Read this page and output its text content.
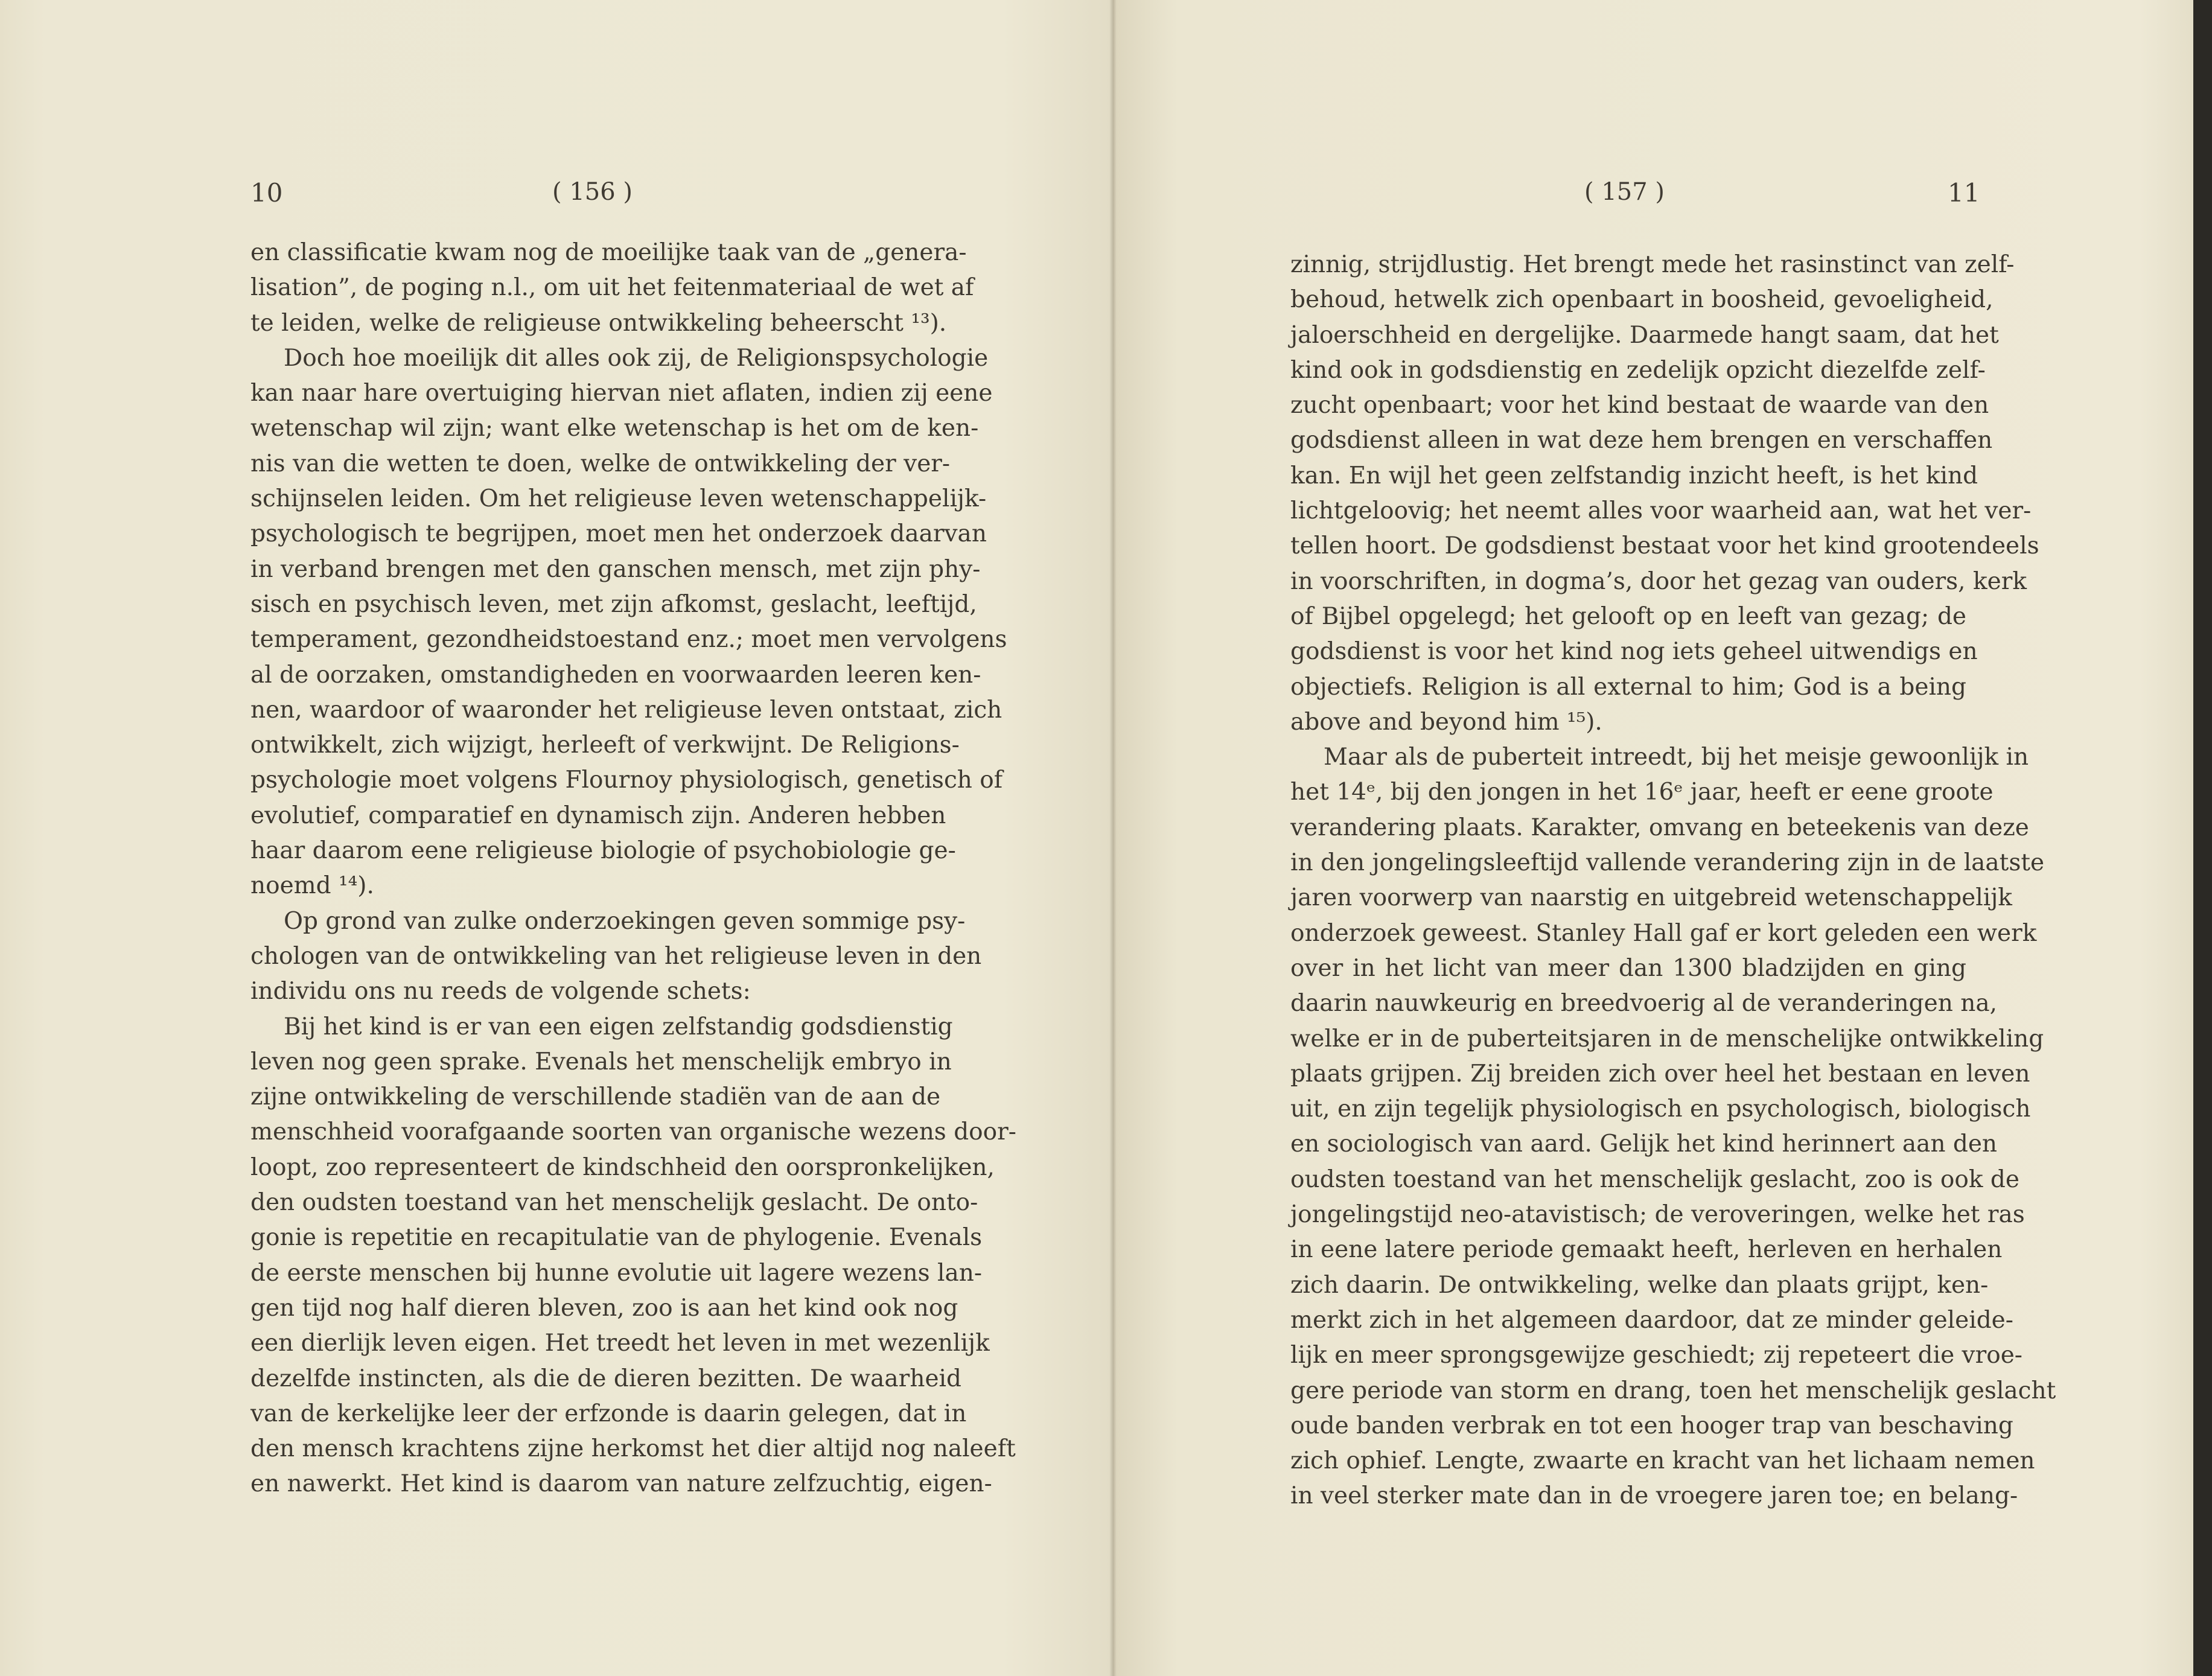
10	( 156 )
en classificatie kwam nog de moeilijke taak van de „genera-
lisation”, de poging n.l., om uit het feitenmateriaal de wet af
te leiden, welke de religieuse ontwikkeling beheerscht ¹³).
Doch hoe moeilijk dit alles ook zij, de Religionspsychologie
kan naar hare overtuiging hiervan niet aflaten, indien zij eene
wetenschap wil zijn; want elke wetenschap is het om de ken-
nis van die wetten te doen, welke de ontwikkeling der ver-
schijnselen leiden. Om het religieuse leven wetenschappelijk-
psychologisch te begrijpen, moet men het onderzoek daarvan
in verband brengen met den ganschen mensch, met zijn phy-
sisch en psychisch leven, met zijn afkomst, geslacht, leeftijd,
temperament, gezondheidstoestand enz.; moet men vervolgens
al de oorzaken, omstandigheden en voorwaarden leeren ken-
nen, waardoor of waaronder het religieuse leven ontstaat, zich
ontwikkelt, zich wijzigt, herleeft of verkwijnt. De Religions-
psychologie moet volgens Flournoy physiologisch, genetisch of
evolutief, comparatief en dynamisch zijn. Anderen hebben
haar daarom eene religieuse biologie of psychobiologie ge-
noemd ¹⁴).
Op grond van zulke onderzoekingen geven sommige psy-
chologen van de ontwikkeling van het religieuse leven in den
individu ons nu reeds de volgende schets:
Bij het kind is er van een eigen zelfstandig godsdienstig
leven nog geen sprake. Evenals het menschelijk embryo in
zijne ontwikkeling de verschillende stadiën van de aan de
menschheid voorafgaande soorten van organische wezens door-
loopt, zoo representeert de kindschheid den oorspronkelijken,
den oudsten toestand van het menschelijk geslacht. De onto-
gonie is repetitie en recapitulatie van de phylogenie. Evenals
de eerste menschen bij hunne evolutie uit lagere wezens lan-
gen tijd nog half dieren bleven, zoo is aan het kind ook nog
een dierlijk leven eigen. Het treedt het leven in met wezenlijk
dezelfde instincten, als die de dieren bezitten. De waarheid
van de kerkelijke leer der erfzonde is daarin gelegen, dat in
den mensch krachtens zijne herkomst het dier altijd nog naleeft
en nawerkt. Het kind is daarom van nature zelfzuchtig, eigen-
( 157 )	11
zinnig, strijdlustig. Het brengt mede het rasinstinct van zelf-
behoud, hetwelk zich openbaart in boosheid, gevoeligheid,
jaloerschheid en dergelijke. Daarmede hangt saam, dat het
kind ook in godsdienstig en zedelijk opzicht diezelfde zelf-
zucht openbaart; voor het kind bestaat de waarde van den
godsdienst alleen in wat deze hem brengen en verschaffen
kan. En wijl het geen zelfstandig inzicht heeft, is het kind
lichtgeloovig; het neemt alles voor waarheid aan, wat het ver-
tellen hoort. De godsdienst bestaat voor het kind grootendeels
in voorschriften, in dogma’s, door het gezag van ouders, kerk
of Bijbel opgelegd; het gelooft op en leeft van gezag; de
godsdienst is voor het kind nog iets geheel uitwendigs en
objectiefs. Religion is all external to him; God is a being
above and beyond him ¹⁵).
Maar als de puberteit intreedt, bij het meisje gewoonlijk in
het 14ᵉ, bij den jongen in het 16ᵉ jaar, heeft er eene groote
verandering plaats. Karakter, omvang en beteekenis van deze
in den jongelingsleeftijd vallende verandering zijn in de laatste
jaren voorwerp van naarstig en uitgebreid wetenschappelijk
onderzoek geweest. Stanley Hall gaf er kort geleden een werk
over in het licht van meer dan 1300 bladzijden en ging
daarin nauwkeurig en breedvoerig al de veranderingen na,
welke er in de puberteitsjaren in de menschelijke ontwikkeling
plaats grijpen. Zij breiden zich over heel het bestaan en leven
uit, en zijn tegelijk physiologisch en psychologisch, biologisch
en sociologisch van aard. Gelijk het kind herinnert aan den
oudsten toestand van het menschelijk geslacht, zoo is ook de
jongelingstijd neo-atavistisch; de veroveringen, welke het ras
in eene latere periode gemaakt heeft, herleven en herhalen
zich daarin. De ontwikkeling, welke dan plaats grijpt, ken-
merkt zich in het algemeen daardoor, dat ze minder geleide-
lijk en meer sprongsgewijze geschiedt; zij repeteert die vroe-
gere periode van storm en drang, toen het menschelijk geslacht
oude banden verbrak en tot een hooger trap van beschaving
zich ophief. Lengte, zwaarte en kracht van het lichaam nemen
in veel sterker mate dan in de vroegere jaren toe; en belang-
